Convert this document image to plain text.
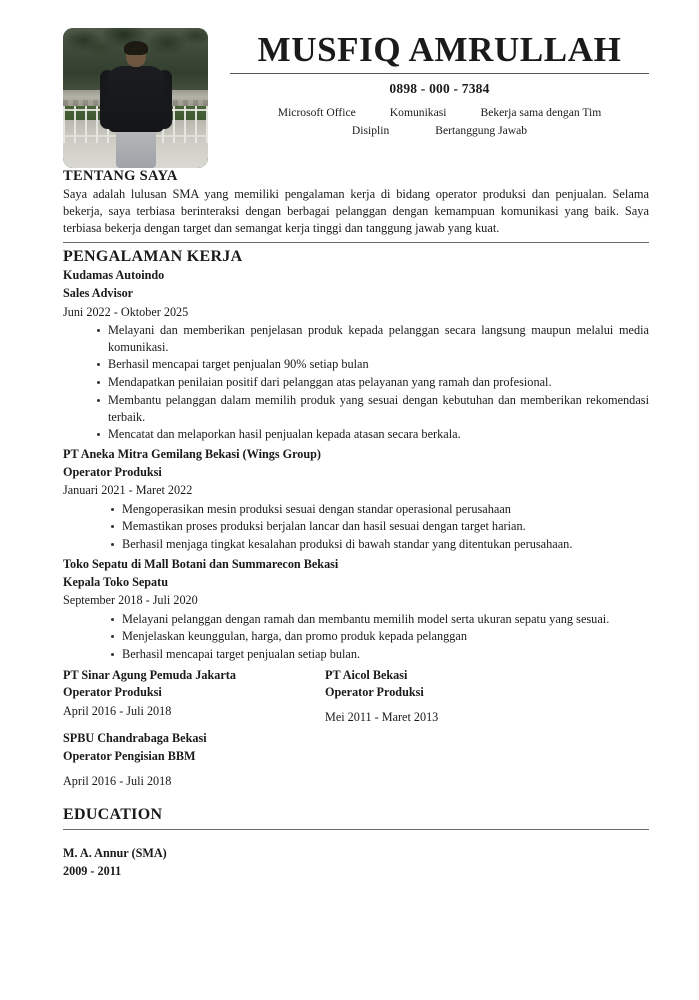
MUSFIQ AMRULLAH
0898 - 000 - 7384
Microsoft Office	Komunikasi	Bekerja sama dengan Tim
Disiplin	Bertanggung Jawab
TENTANG SAYA

Saya adalah lulusan SMA yang memiliki pengalaman kerja di bidang operator produksi dan penjualan. Selama bekerja, saya terbiasa berinteraksi dengan berbagai pelanggan dengan kemampuan komunikasi yang baik. Saya terbiasa bekerja dengan target dan semangat kerja tinggi dan tanggung jawab yang kuat.

PENGALAMAN KERJA
Kudamas Autoindo
Sales Advisor
Juni 2022 - Oktober 2025
Melayani dan memberikan penjelasan produk kepada pelanggan secara langsung maupun melalui media komunikasi.
Berhasil mencapai target penjualan 90% setiap bulan
Mendapatkan penilaian positif dari pelanggan atas pelayanan yang ramah dan profesional.
Membantu pelanggan dalam memilih produk yang sesuai dengan kebutuhan dan memberikan rekomendasi terbaik.
Mencatat dan melaporkan hasil penjualan kepada atasan secara berkala.
PT Aneka Mitra Gemilang Bekasi (Wings Group)
Operator Produksi
Januari 2021 - Maret 2022
Mengoperasikan mesin produksi sesuai dengan standar operasional perusahaan
Memastikan proses produksi berjalan lancar dan hasil sesuai dengan target harian.
Berhasil menjaga tingkat kesalahan produksi di bawah standar yang ditentukan perusahaan.
Toko Sepatu di Mall Botani dan Summarecon Bekasi
Kepala Toko Sepatu
September 2018 - Juli 2020
Melayani pelanggan dengan ramah dan membantu memilih model serta ukuran sepatu yang sesuai.
Menjelaskan keunggulan, harga, dan promo produk kepada pelanggan
Berhasil mencapai target penjualan setiap bulan.
PT Sinar Agung Pemuda Jakarta
Operator Produksi
April 2016 - Juli 2018
SPBU Chandrabaga Bekasi
Operator Pengisian BBM
April 2016 - Juli 2018
PT Aicol Bekasi
Operator Produksi
Mei 2011 - Maret 2013
EDUCATION
M. A. Annur (SMA)
2009 - 2011
